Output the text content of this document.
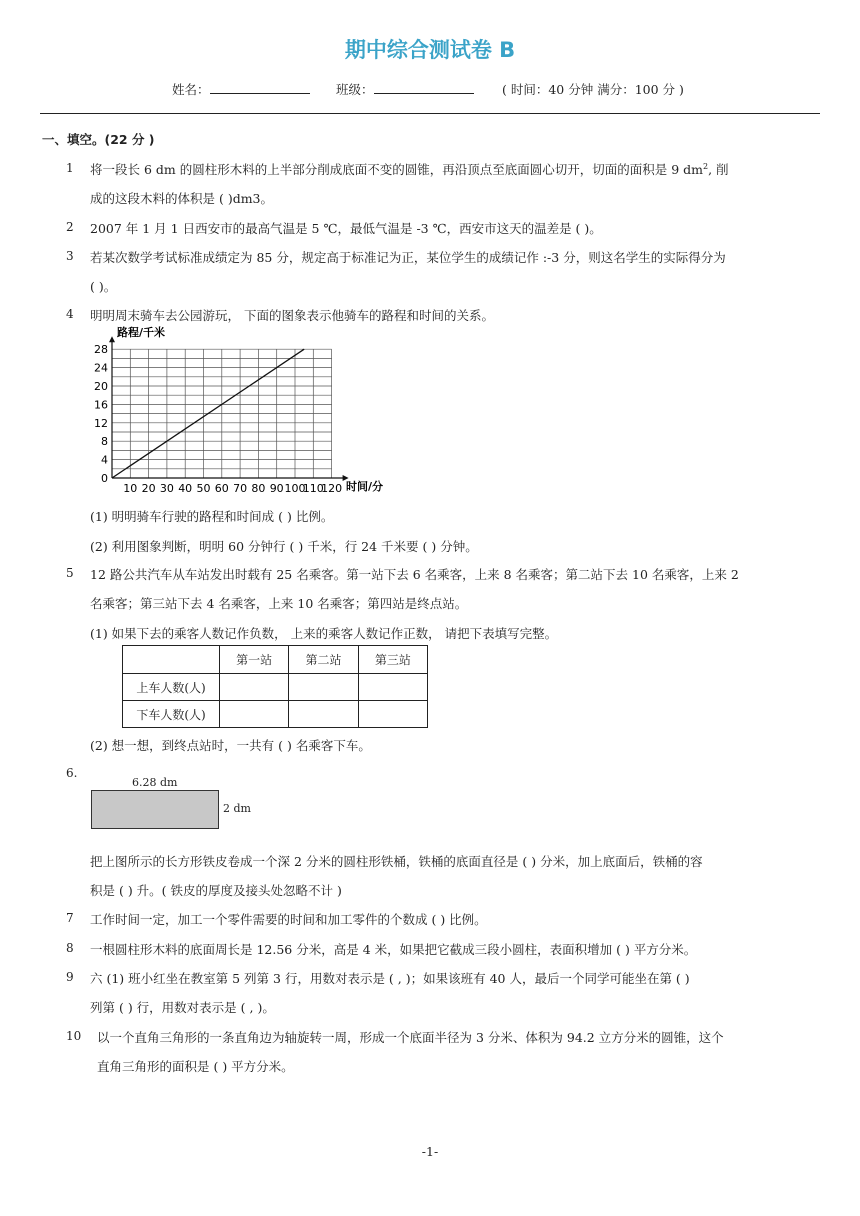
期中综合测试卷 B
姓名：	班级：	( 时间：40 分钟 满分：100 分 )
一、填空。(22 分 )
1 将一段长 6 dm 的圆柱形木料的上半部分削成底面不变的圆锥，再沿顶点至底面圆心切开，切面的面积是 9 $dm^2$, 削
成的这段木料的体积是 ( )dm3。
2 2007 年 1 月 1 日西安市的最高气温是 5 ℃，最低气温是 -3 ℃，西安市这天的温差是 ( )。
3 若某次数学考试标准成绩定为 85 分，规定高于标准记为正，某位学生的成绩记作 :-3 分，则这名学生的实际得分为
( )。
4 明明周末骑车去公园游玩， 下面的图象表示他骑车的路程和时间的关系。
0
4
8
12
16
20
24
28
10 20 30 40 50 60 70 80 90 100
110
120
路程/千米
时间/分
(1) 明明骑车行驶的路程和时间成 ( ) 比例。
(2) 利用图象判断，明明 60 分钟行 ( ) 千米，行 24 千米要 ( ) 分钟。
5 12 路公共汽车从车站发出时载有 25 名乘客。第一站下去 6 名乘客，上来 8 名乘客；第二站下去 10 名乘客，上来 2
名乘客；第三站下去 4 名乘客，上来 10 名乘客；第四站是终点站。
(1) 如果下去的乘客人数记作负数， 上来的乘客人数记作正数， 请把下表填写完整。
	第一站	第二站	第三站
上车人数(人)			
下车人数(人)			
(2) 想一想，到终点站时，一共有 ( ) 名乘客下车。
6.
6.28 dm
2 dm
把上图所示的长方形铁皮卷成一个深 2 分米的圆柱形铁桶，铁桶的底面直径是 ( ) 分米，加上底面后，铁桶的容
积是 ( ) 升。( 铁皮的厚度及接头处忽略不计 )
7 工作时间一定，加工一个零件需要的时间和加工零件的个数成 ( ) 比例。
8 一根圆柱形木料的底面周长是 12.56 分米，高是 4 米，如果把它截成三段小圆柱，表面积增加 ( ) 平方分米。
9 六 (1) 班小红坐在教室第 5 列第 3 行，用数对表示是 ( , )；如果该班有 40 人，最后一个同学可能坐在第 ( )
列第 ( ) 行，用数对表示是 ( , )。
10 以一个直角三角形的一条直角边为轴旋转一周，形成一个底面半径为 3 分米、体积为 94.2 立方分米的圆锥，这个
直角三角形的面积是 ( ) 平方分米。
-1-
